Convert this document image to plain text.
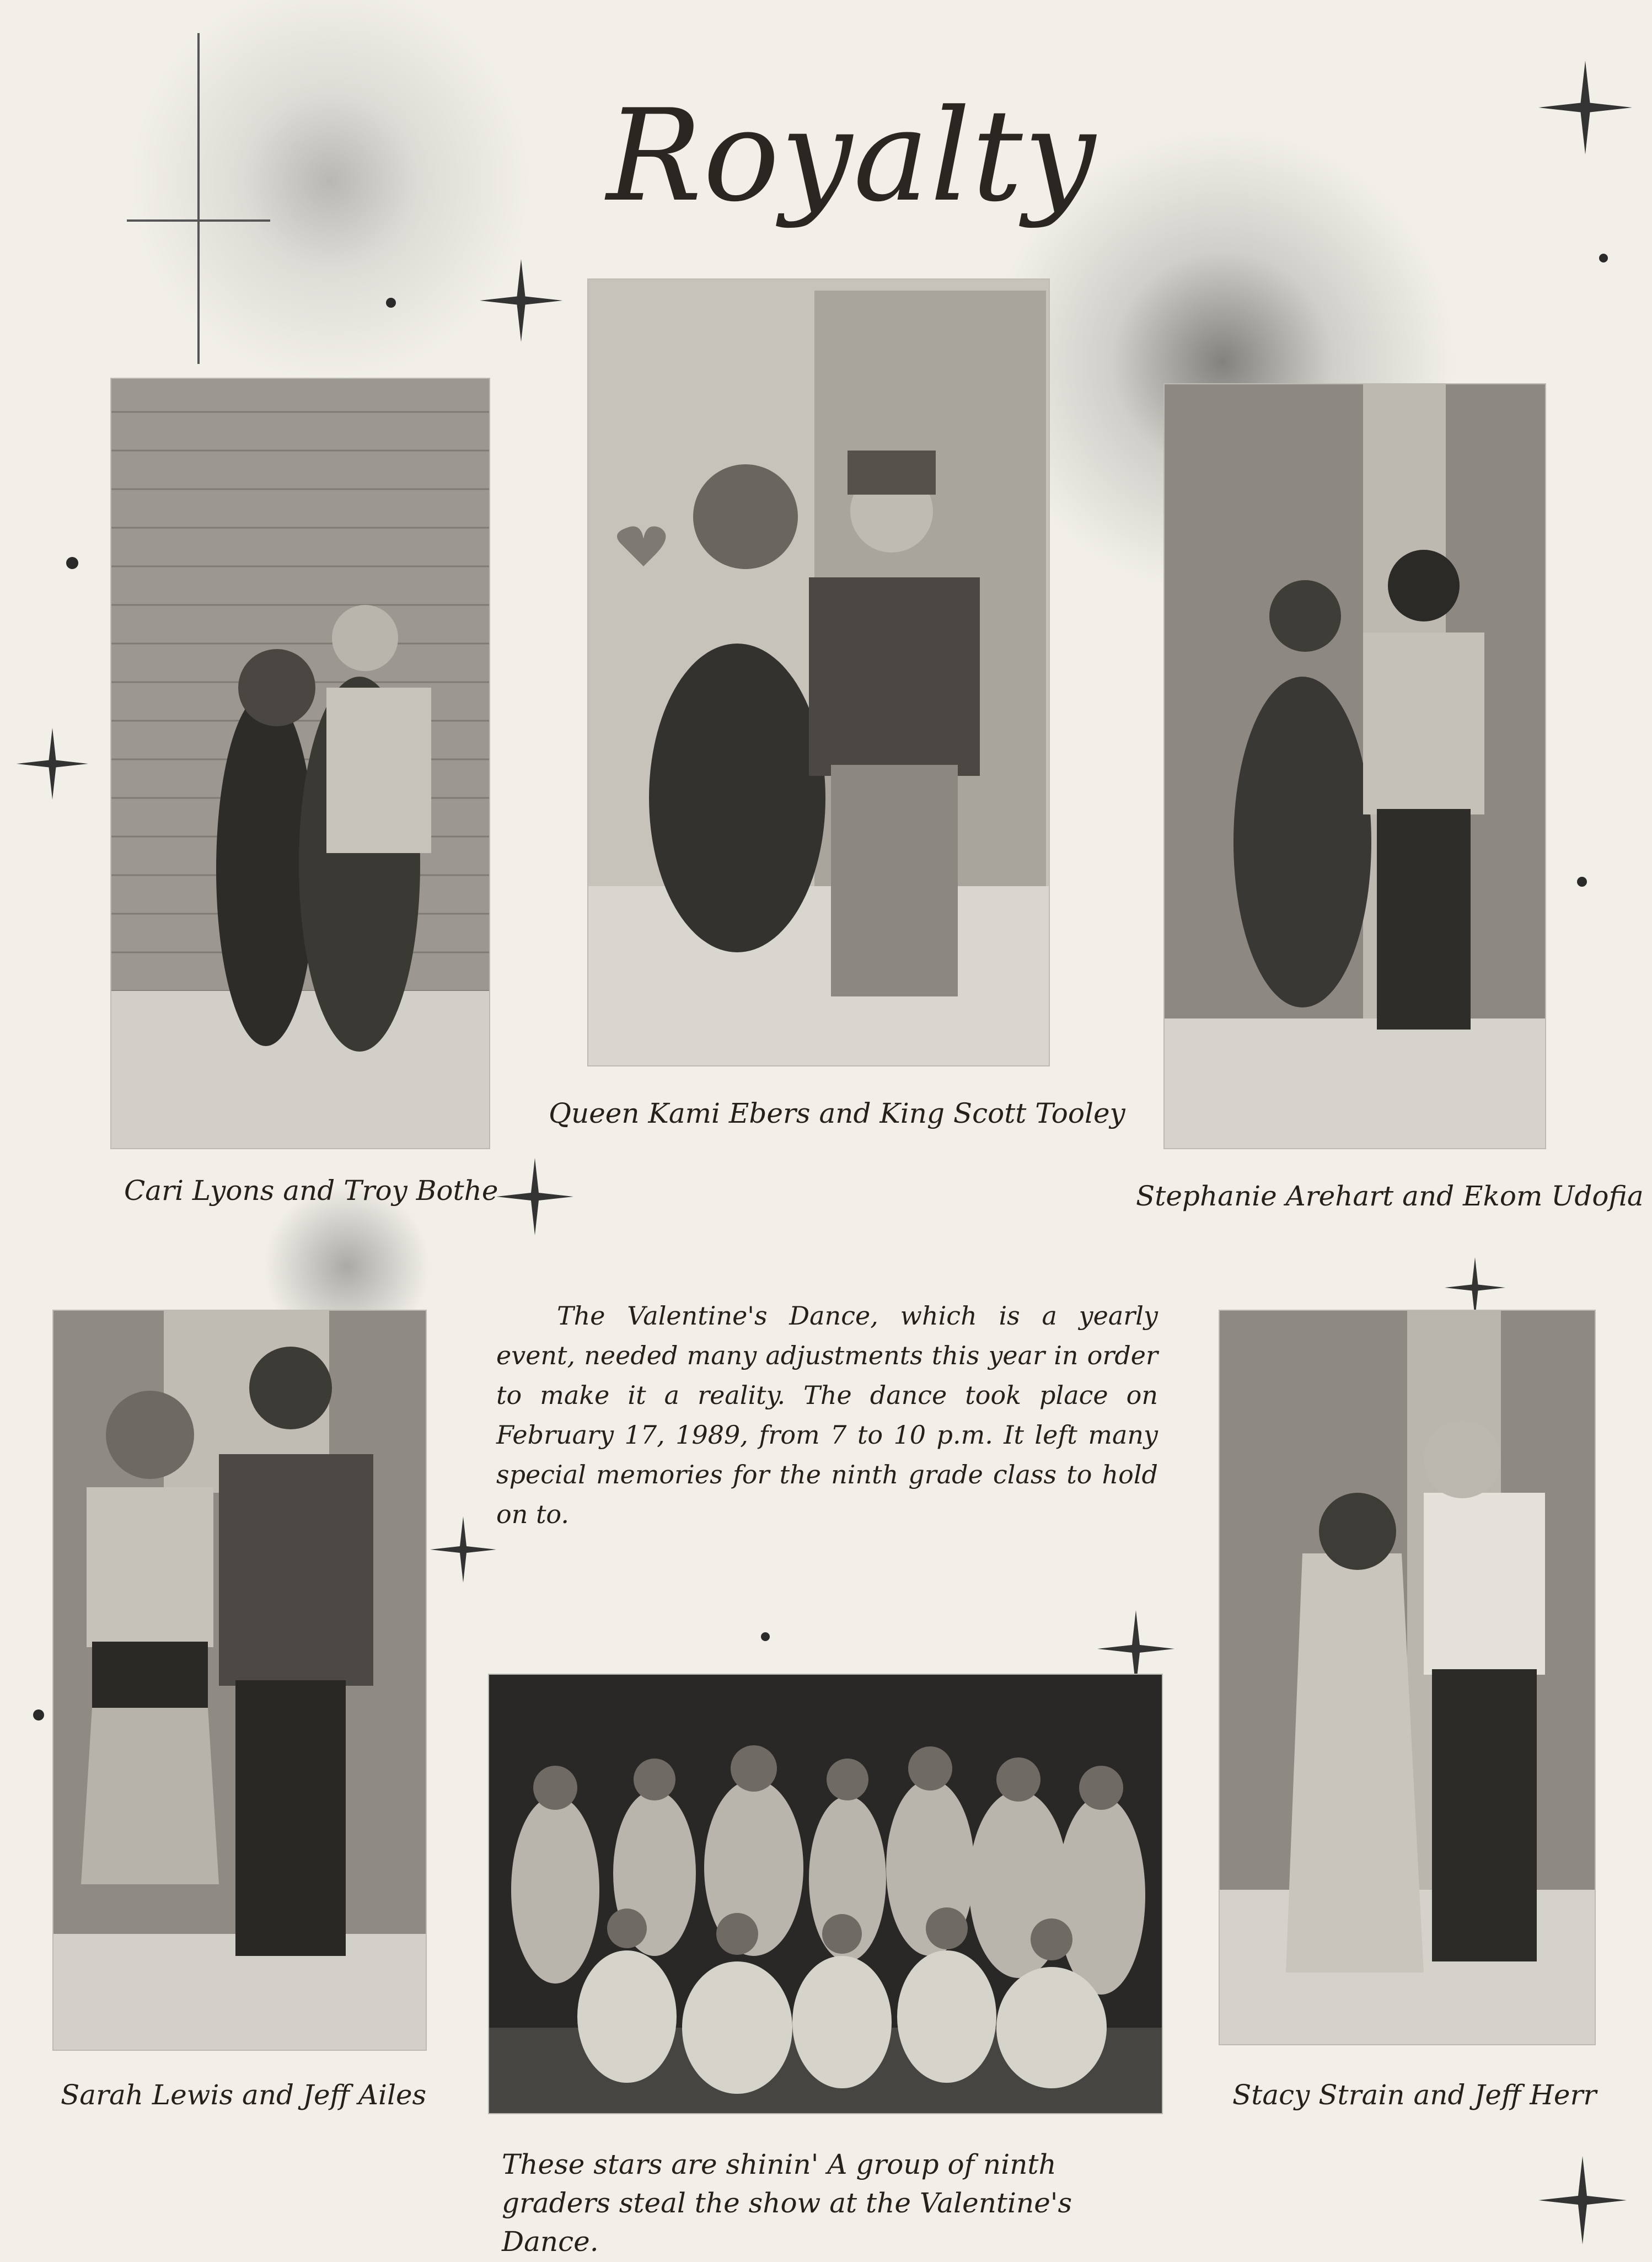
Royalty
Cari Lyons and Troy Bothe
Queen Kami Ebers and King Scott Tooley
Stephanie Arehart and Ekom Udofia
The Valentine's Dance, which is a yearly event, needed many adjustments this year in order to make it a reality. The dance took place on February 17, 1989, from 7 to 10 p.m. It left many special memories for the ninth grade class to hold on to.
Sarah Lewis and Jeff Ailes	Stacy Strain and Jeff Herr
These stars are shinin' A group of ninth graders steal the show at the Valentine's Dance.
